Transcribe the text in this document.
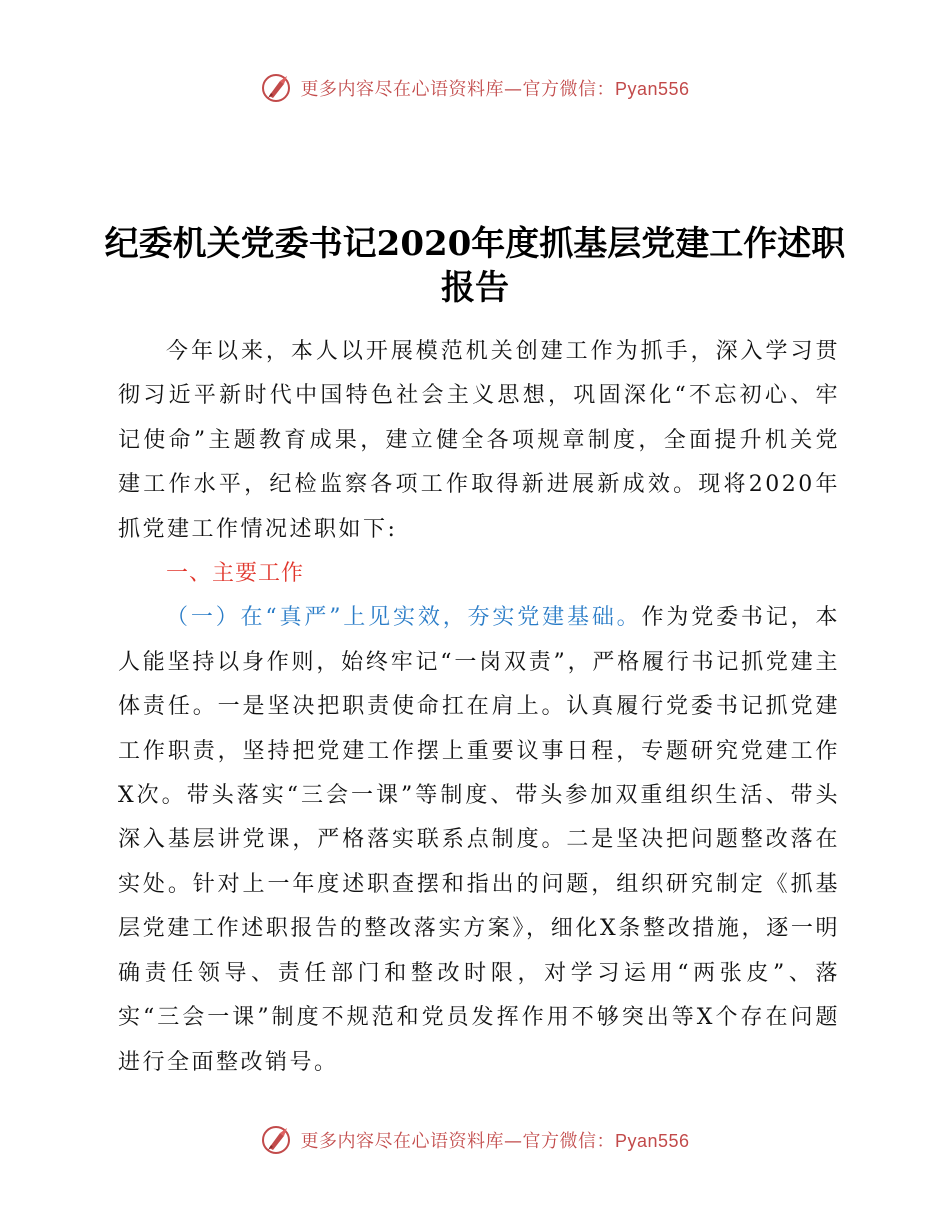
更多内容尽在心语资料库—官方微信：Pyan556
纪委机关党委书记2020年度抓基层党建工作述职报告

今年以来，本人以开展模范机关创建工作为抓手，深入学习贯彻习近平新时代中国特色社会主义思想，巩固深化“不忘初心、牢记使命”主题教育成果，建立健全各项规章制度，全面提升机关党建工作水平，纪检监察各项工作取得新进展新成效。现将2020年抓党建工作情况述职如下:

一、主要工作

（一）在“真严”上见实效，夯实党建基础。作为党委书记，本人能坚持以身作则，始终牢记“一岗双责”，严格履行书记抓党建主体责任。一是坚决把职责使命扛在肩上。认真履行党委书记抓党建工作职责，坚持把党建工作摆上重要议事日程，专题研究党建工作X次。带头落实“三会一课”等制度、带头参加双重组织生活、带头深入基层讲党课，严格落实联系点制度。二是坚决把问题整改落在实处。针对上一年度述职查摆和指出的问题，组织研究制定《抓基层党建工作述职报告的整改落实方案》，细化X条整改措施，逐一明确责任领导、责任部门和整改时限，对学习运用“两张皮”、落实“三会一课”制度不规范和党员发挥作用不够突出等X个存在问题进行全面整改销号。

更多内容尽在心语资料库—官方微信：Pyan556
